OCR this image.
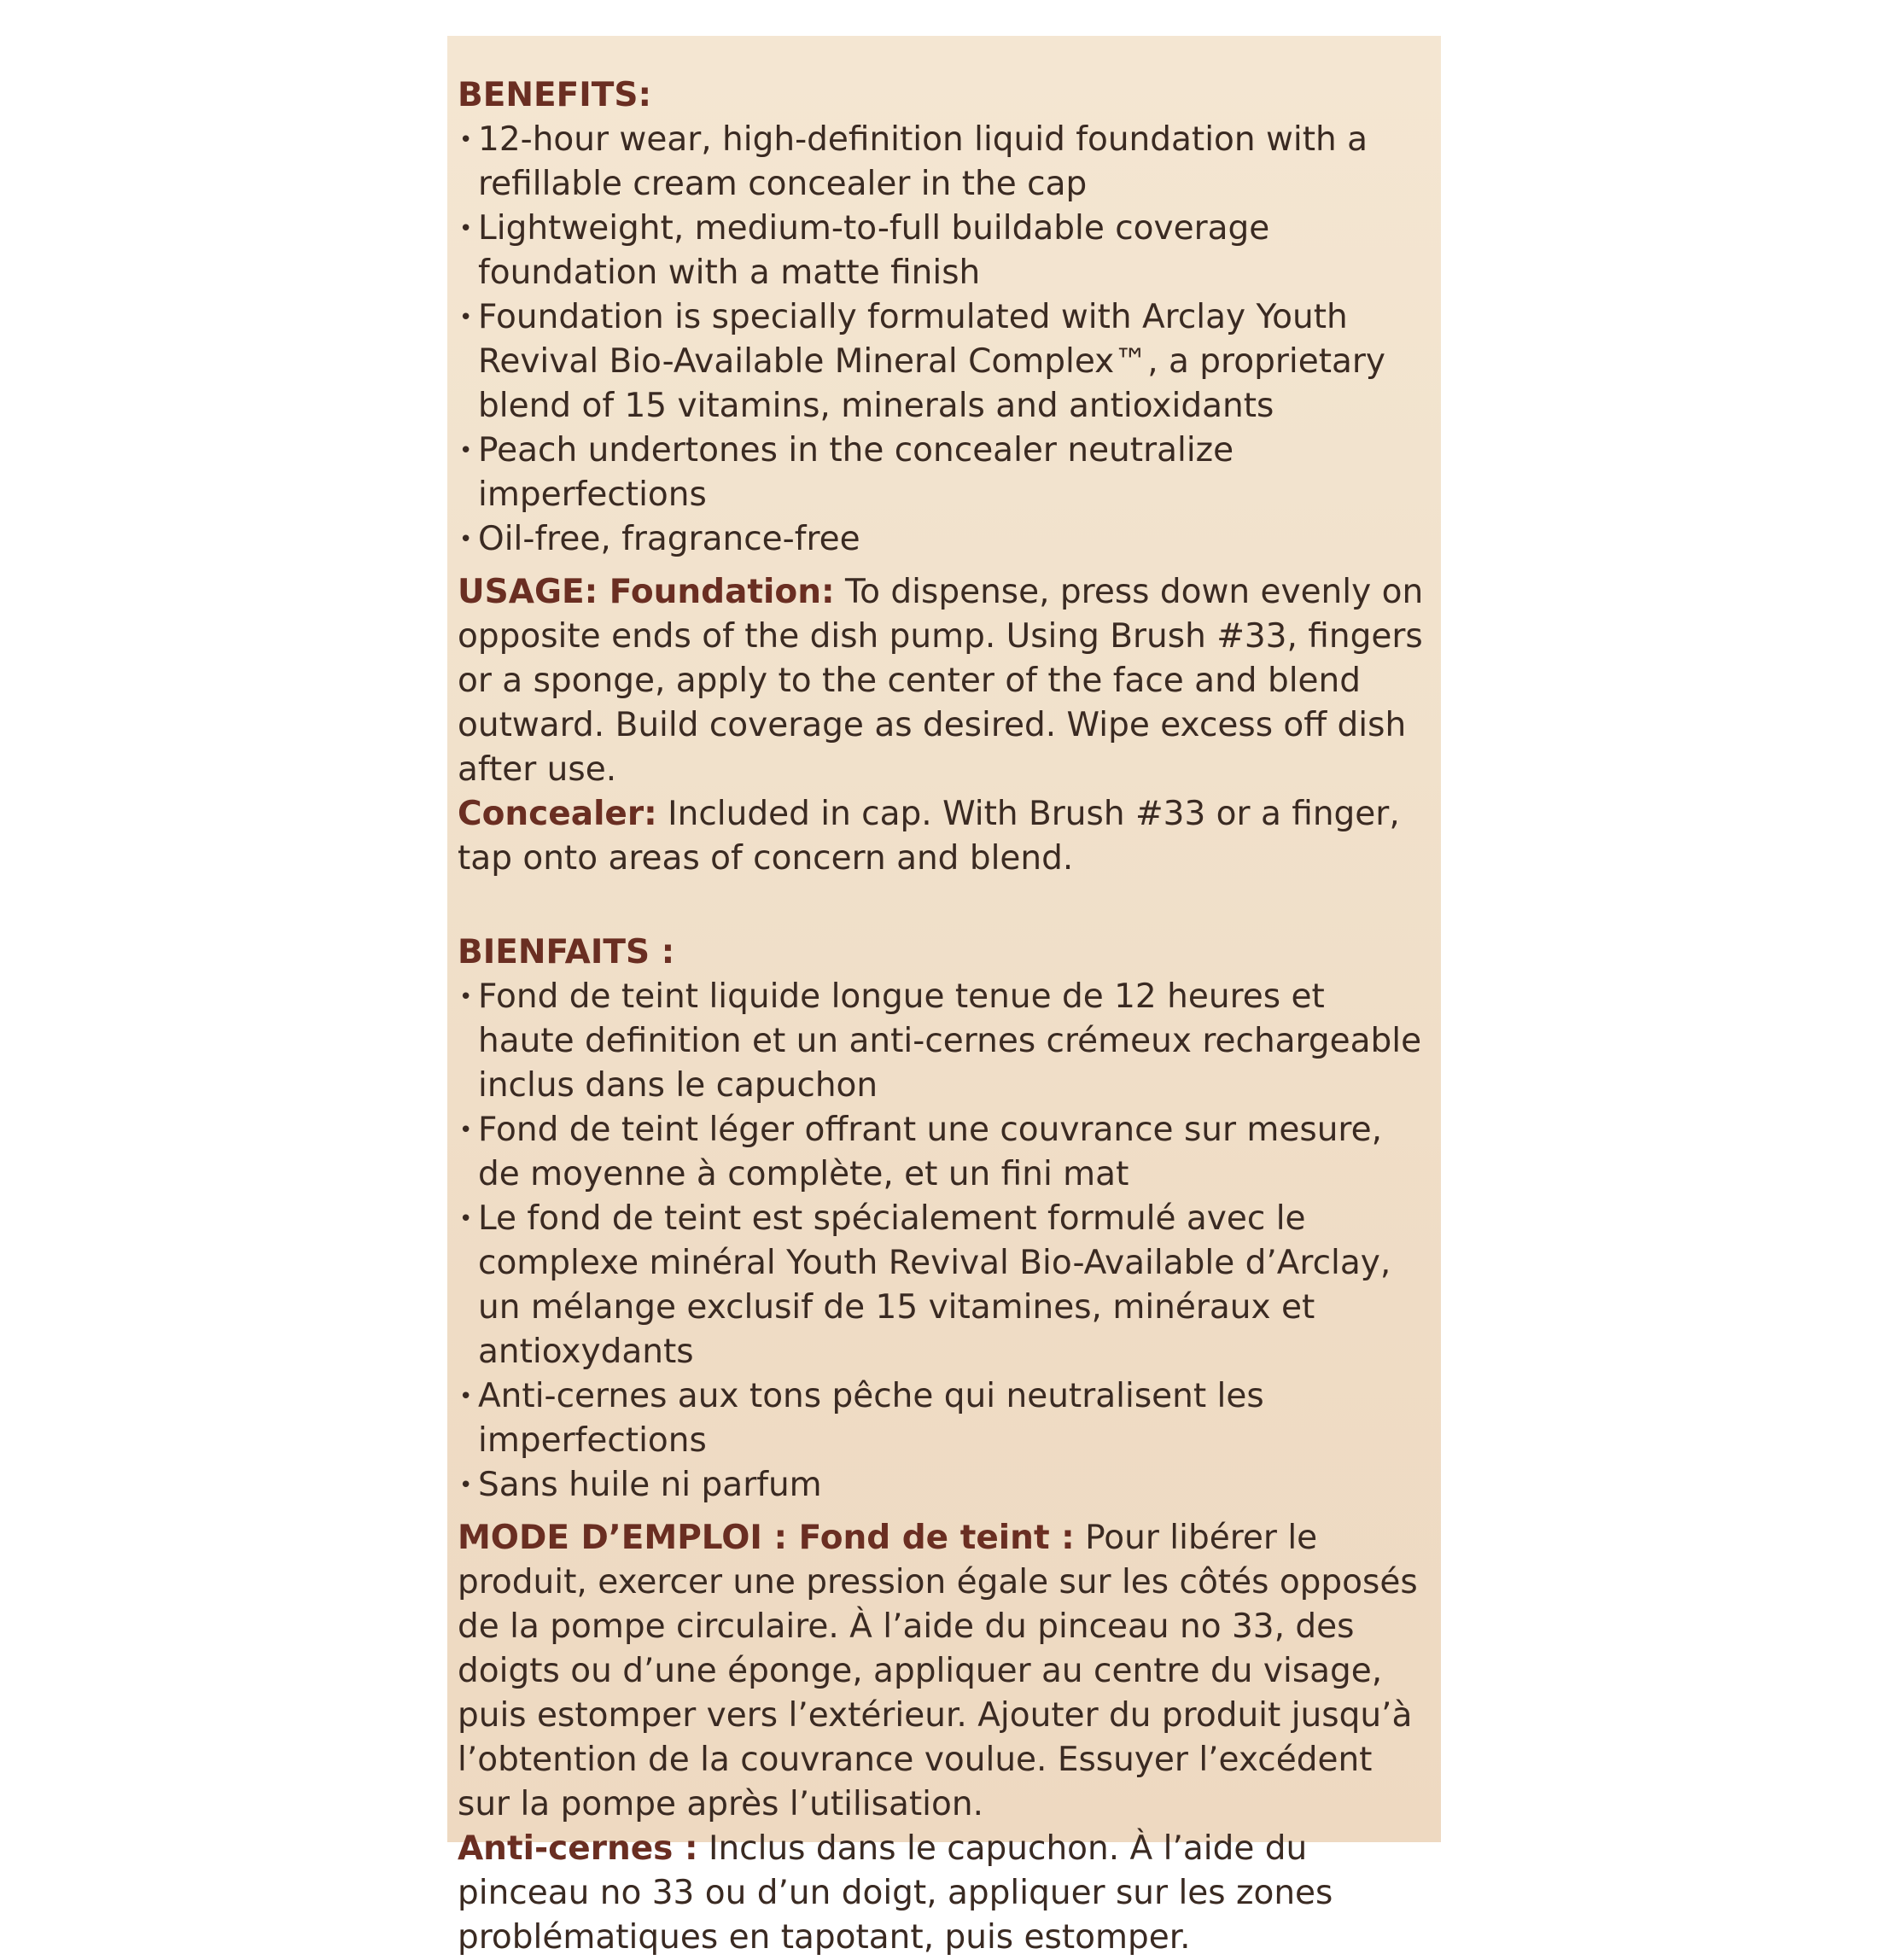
BENEFITS:
• 12-hour wear, high-definition liquid foundation with a refillable cream concealer in the cap
• Lightweight, medium-to-full buildable coverage foundation with a matte finish
• Foundation is specially formulated with Arclay Youth Revival Bio-Available Mineral Complex™, a proprietary blend of 15 vitamins, minerals and antioxidants
• Peach undertones in the concealer neutralize imperfections
• Oil-free, fragrance-free

USAGE: Foundation: To dispense, press down evenly on opposite ends of the dish pump. Using Brush #33, fingers or a sponge, apply to the center of the face and blend outward. Build coverage as desired. Wipe excess off dish after use.

Concealer: Included in cap. With Brush #33 or a finger, tap onto areas of concern and blend.

BIENFAITS :
• Fond de teint liquide longue tenue de 12 heures et haute definition et un anti-cernes crémeux rechargeable inclus dans le capuchon
• Fond de teint léger offrant une couvrance sur mesure, de moyenne à complète, et un fini mat
• Le fond de teint est spécialement formulé avec le complexe minéral Youth Revival Bio-Available d’Arclay, un mélange exclusif de 15 vitamines, minéraux et antioxydants
• Anti-cernes aux tons pêche qui neutralisent les imperfections
• Sans huile ni parfum

MODE D’EMPLOI : Fond de teint : Pour libérer le produit, exercer une pression égale sur les côtés opposés de la pompe circulaire. À l’aide du pinceau no 33, des doigts ou d’une éponge, appliquer au centre du visage, puis estomper vers l’extérieur. Ajouter du produit jusqu’à l’obtention de la couvrance voulue. Essuyer l’excédent sur la pompe après l’utilisation.

Anti-cernes : Inclus dans le capuchon. À l’aide du pinceau no 33 ou d’un doigt, appliquer sur les zones problématiques en tapotant, puis estomper.
